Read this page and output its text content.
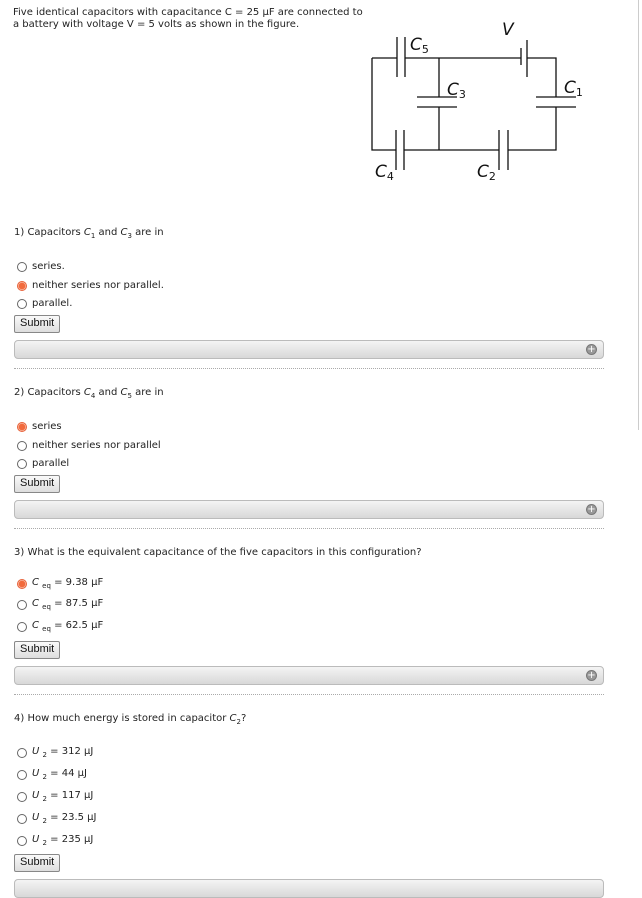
Five identical capacitors with capacitance C = 25 μF are connected to a battery with voltage V = 5 volts as shown in the figure.
C5
V
C3	C1
C4	C2
1) Capacitors $C_1$ and $C_3$ are in
series.
neither series nor parallel.
parallel.
Submit
+
2) Capacitors $C_4$ and $C_5$ are in
series
neither series nor parallel
parallel
Submit
+
3) What is the equivalent capacitance of the five capacitors in this configuration?
C $_{eq}$ = 9.38 μF
C $_{eq}$ = 87.5 μF
C $_{eq}$ = 62.5 μF
Submit
+
4) How much energy is stored in capacitor $C_2$?
U $_2$ = 312 μJ
U $_2$ = 44 μJ
U $_2$ = 117 μJ
U $_2$ = 23.5 μJ
U $_2$ = 235 μJ
Submit
